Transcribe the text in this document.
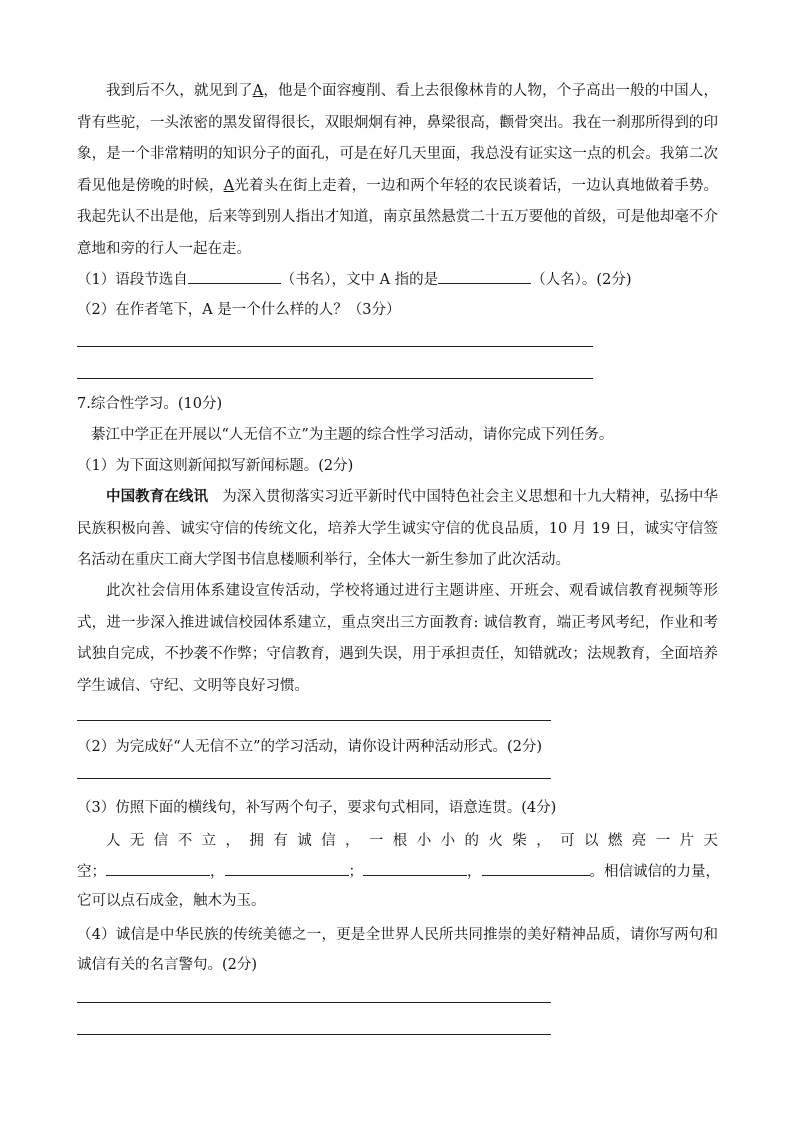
我到后不久，就见到了A，他是个面容瘦削、看上去很像林肯的人物，个子高出一般的中国人，背有些驼，一头浓密的黑发留得很长，双眼炯炯有神，鼻梁很高，颧骨突出。我在一刹那所得到的印象，是一个非常精明的知识分子的面孔，可是在好几天里面，我总没有证实这一点的机会。我第二次看见他是傍晚的时候，A光着头在街上走着，一边和两个年轻的农民谈着话，一边认真地做着手势。我起先认不出是他，后来等到别人指出才知道，南京虽然悬赏二十五万要他的首级，可是他却毫不介意地和旁的行人一起在走。

（1）语段节选自	（书名），文中 A 指的是	（人名）。(2分)

（2）在作者笔下，A 是一个什么样的人？（3分）

7.综合性学习。(10分)

綦江中学正在开展以“人无信不立”为主题的综合性学习活动，请你完成下列任务。

（1）为下面这则新闻拟写新闻标题。(2分)

中国教育在线讯 为深入贯彻落实习近平新时代中国特色社会主义思想和十九大精神，弘扬中华民族积极向善、诚实守信的传统文化，培养大学生诚实守信的优良品质，10 月 19 日，诚实守信签名活动在重庆工商大学图书信息楼顺利举行，全体大一新生参加了此次活动。

此次社会信用体系建设宣传活动，学校将通过进行主题讲座、开班会、观看诚信教育视频等形式，进一步深入推进诚信校园体系建立，重点突出三方面教育: 诚信教育，端正考风考纪，作业和考试独自完成，不抄袭不作弊；守信教育，遇到失误，用于承担责任，知错就改；法规教育，全面培养学生诚信、守纪、文明等良好习惯。

（2）为完成好“人无信不立”的学习活动，请你设计两种活动形式。(2分)

（3）仿照下面的横线句，补写两个句子，要求句式相同，语意连贯。(4分)

人无信不立，拥有诚信，一根小小的火柴，可以燃亮一片天

空；	，	；	，	。相信诚信的力量，

它可以点石成金，触木为玉。

（4）诚信是中华民族的传统美德之一，更是全世界人民所共同推崇的美好精神品质，请你写两句和诚信有关的名言警句。(2分)
